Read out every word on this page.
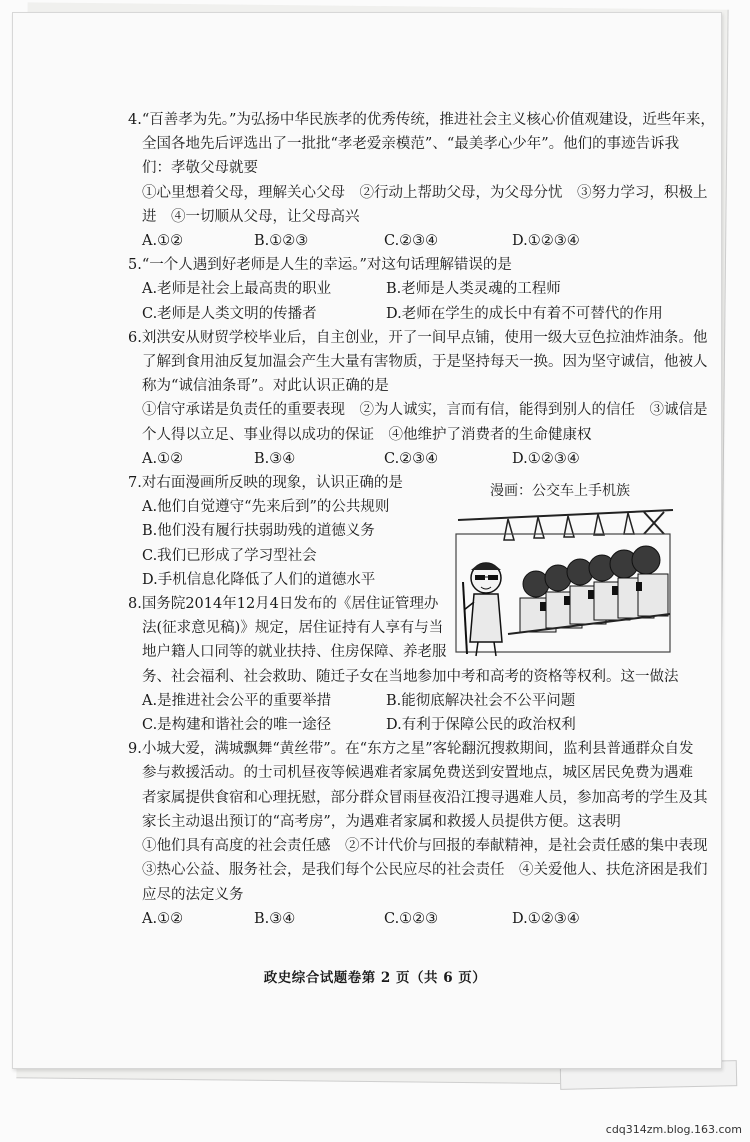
4.“百善孝为先。”为弘扬中华民族孝的优秀传统，推进社会主义核心价值观建设，近些年来，
全国各地先后评选出了一批批“孝老爱亲模范”、“最美孝心少年”。他们的事迹告诉我
们：孝敬父母就要
①心里想着父母，理解关心父母　②行动上帮助父母，为父母分忧　③努力学习，积极上
进　④一切顺从父母，让父母高兴
A.①②	B.①②③	C.②③④	D.①②③④
5.“一个人遇到好老师是人生的幸运。”对这句话理解错误的是
A.老师是社会上最高贵的职业	B.老师是人类灵魂的工程师
C.老师是人类文明的传播者	D.老师在学生的成长中有着不可替代的作用
6.刘洪安从财贸学校毕业后，自主创业，开了一间早点铺，使用一级大豆色拉油炸油条。他
了解到食用油反复加温会产生大量有害物质，于是坚持每天一换。因为坚守诚信，他被人
称为“诚信油条哥”。对此认识正确的是
①信守承诺是负责任的重要表现　②为人诚实，言而有信，能得到别人的信任　③诚信是
个人得以立足、事业得以成功的保证　④他维护了消费者的生命健康权
A.①②	B.③④	C.②③④	D.①②③④
7.对右面漫画所反映的现象，认识正确的是
A.他们自觉遵守“先来后到”的公共规则
B.他们没有履行扶弱助残的道德义务
C.我们已形成了学习型社会
D.手机信息化降低了人们的道德水平
8.国务院2014年12月4日发布的《居住证管理办
法(征求意见稿)》规定，居住证持有人享有与当
地户籍人口同等的就业扶持、住房保障、养老服
务、社会福利、社会救助、随迁子女在当地参加中考和高考的资格等权利。这一做法
A.是推进社会公平的重要举措	B.能彻底解决社会不公平问题
C.是构建和谐社会的唯一途径	D.有利于保障公民的政治权利
9.小城大爱，满城飘舞“黄丝带”。在“东方之星”客轮翻沉搜救期间，监利县普通群众自发
参与救援活动。的士司机昼夜等候遇难者家属免费送到安置地点，城区居民免费为遇难
者家属提供食宿和心理抚慰，部分群众冒雨昼夜沿江搜寻遇难人员，参加高考的学生及其
家长主动退出预订的“高考房”，为遇难者家属和救援人员提供方便。这表明
①他们具有高度的社会责任感　②不计代价与回报的奉献精神，是社会责任感的集中表现
③热心公益、服务社会，是我们每个公民应尽的社会责任　④关爱他人、扶危济困是我们
应尽的法定义务
A.①②	B.③④	C.①②③	D.①②③④
漫画：公交车上手机族
政史综合试题卷第 2 页（共 6 页）
cdq314zm.blog.163.com
